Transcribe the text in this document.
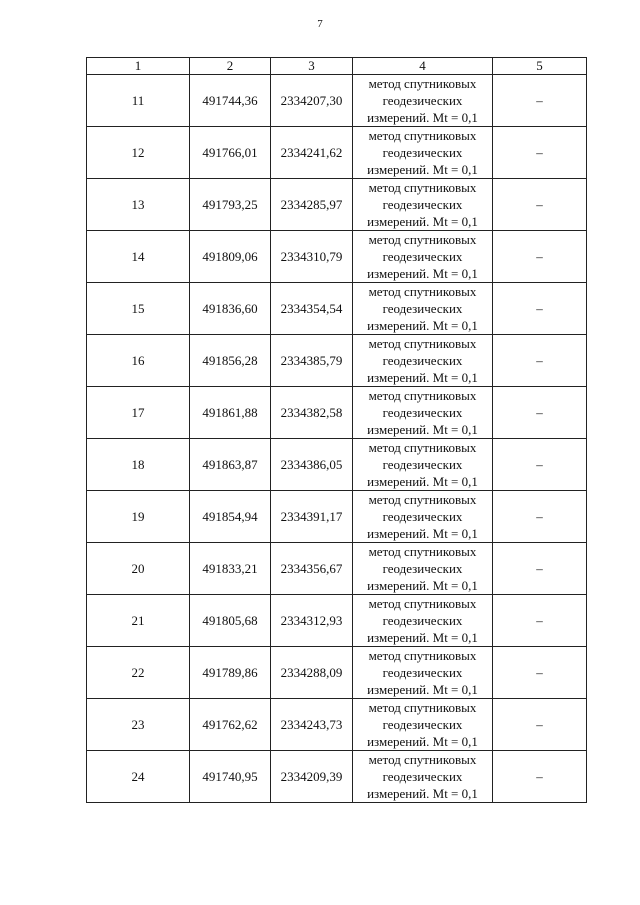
7
1	2	3	4	5
11	491744,36	2334207,30	метод спутниковых
геодезических
измерений. Mt = 0,1	–
12	491766,01	2334241,62	метод спутниковых
геодезических
измерений. Mt = 0,1	–
13	491793,25	2334285,97	метод спутниковых
геодезических
измерений. Mt = 0,1	–
14	491809,06	2334310,79	метод спутниковых
геодезических
измерений. Mt = 0,1	–
15	491836,60	2334354,54	метод спутниковых
геодезических
измерений. Mt = 0,1	–
16	491856,28	2334385,79	метод спутниковых
геодезических
измерений. Mt = 0,1	–
17	491861,88	2334382,58	метод спутниковых
геодезических
измерений. Mt = 0,1	–
18	491863,87	2334386,05	метод спутниковых
геодезических
измерений. Mt = 0,1	–
19	491854,94	2334391,17	метод спутниковых
геодезических
измерений. Mt = 0,1	–
20	491833,21	2334356,67	метод спутниковых
геодезических
измерений. Mt = 0,1	–
21	491805,68	2334312,93	метод спутниковых
геодезических
измерений. Mt = 0,1	–
22	491789,86	2334288,09	метод спутниковых
геодезических
измерений. Mt = 0,1	–
23	491762,62	2334243,73	метод спутниковых
геодезических
измерений. Mt = 0,1	–
24	491740,95	2334209,39	метод спутниковых
геодезических
измерений. Mt = 0,1	–
